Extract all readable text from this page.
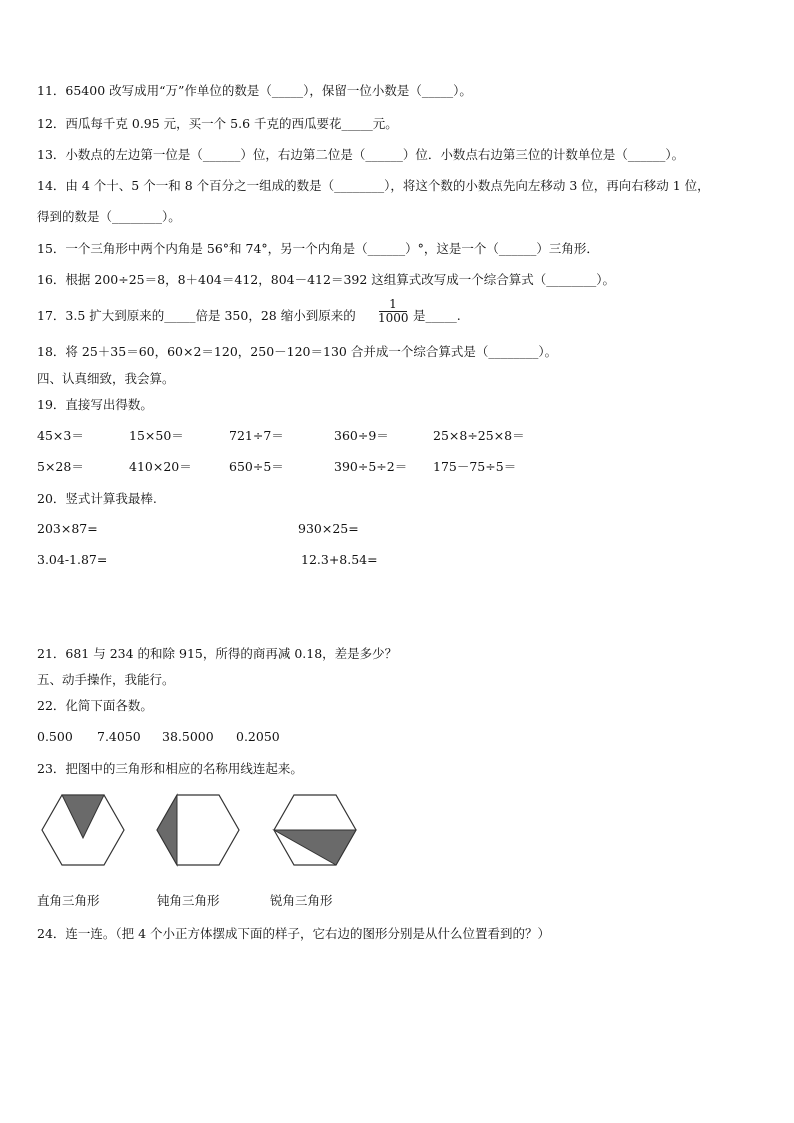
11．65400 改写成用“万”作单位的数是（_____），保留一位小数是（_____）。
12．西瓜每千克 0.95 元，买一个 5.6 千克的西瓜要花_____元。
13．小数点的左边第一位是（______）位，右边第二位是（______）位．小数点右边第三位的计数单位是（______）。
14．由 4 个十、5 个一和 8 个百分之一组成的数是（________），将这个数的小数点先向左移动 3 位，再向右移动 1 位，
得到的数是（________）。
15．一个三角形中两个内角是 56°和 74°，另一个内角是（______）°，这是一个（______）三角形．
16．根据 200÷25＝8，8＋404＝412，804－412＝392 这组算式改写成一个综合算式（________）。
17．3.5 扩大到原来的_____倍是 350，28 缩小到原来的
1
1000 是_____.
18．将 25＋35＝60，60×2＝120，250－120＝130 合并成一个综合算式是（________）。
四、认真细致，我会算。
19．直接写出得数。
45×3＝	15×50＝	721÷7＝	360÷9＝	25×8÷25×8＝
5×28＝	410×20＝	650÷5＝	390÷5÷2＝ 175－75÷5＝
20．竖式计算我最棒.
203×87=	930×25=
3.04-1.87=	12.3+8.54=
21．681 与 234 的和除 915，所得的商再减 0.18，差是多少？
五、动手操作，我能行。
22．化简下面各数。
0.500 7.4050 38.5000 0.2050
23．把图中的三角形和相应的名称用线连起来。
直角三角形	钝角三角形	锐角三角形
24．连一连。（把 4 个小正方体摆成下面的样子，它右边的图形分别是从什么位置看到的？）
